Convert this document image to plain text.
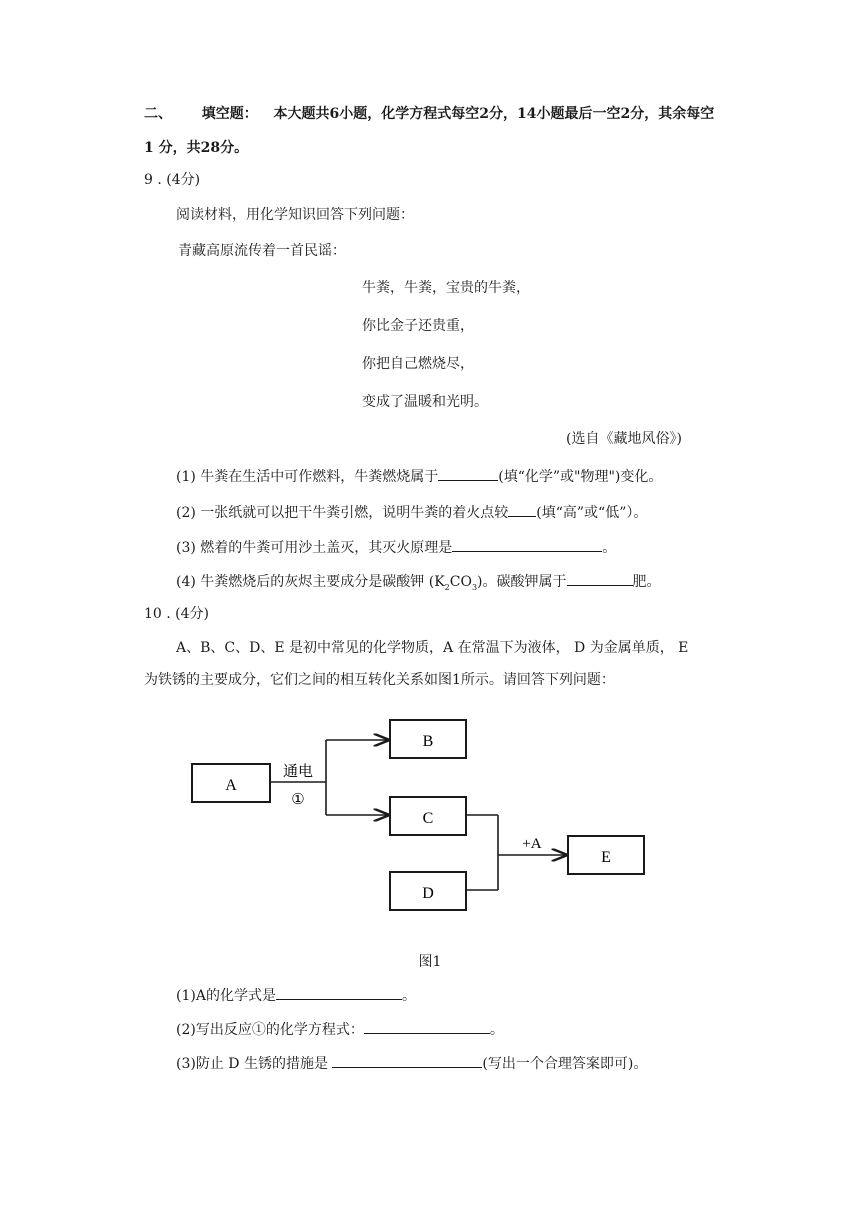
二、 填空题： 本大题共6小题，化学方程式每空2分，14小题最后一空2分，其余每空
1 分，共28分。
9 . (4分)
阅读材料，用化学知识回答下列问题：
青藏高原流传着一首民谣：
牛粪，牛粪，宝贵的牛粪，
你比金子还贵重，
你把自己燃烧尽，
变成了温暖和光明。
(选自《藏地风俗》)
(1) 牛粪在生活中可作燃料，牛粪燃烧属于	(填“化学”或"物理")变化。
(2) 一张纸就可以把干牛粪引燃，说明牛粪的着火点较 (填“高”或“低”）。
(3) 燃着的牛粪可用沙土盖灭，其灭火原理是	。
(4) 牛粪燃烧后的灰烬主要成分是碳酸钾 $(K_2CO_3)$。碳酸钾属于	肥。
10 . (4分)
A、B、C、D、E 是初中常见的化学物质，A 在常温下为液体， D 为金属单质， E
为铁锈的主要成分，它们之间的相互转化关系如图1所示。请回答下列问题：
A
B
C
D
E
通电
①
+A
图1
(1)A的化学式是	。
(2)写出反应①的化学方程式：	。
(3)防止 D 生锈的措施是	(写出一个合理答案即可)。
